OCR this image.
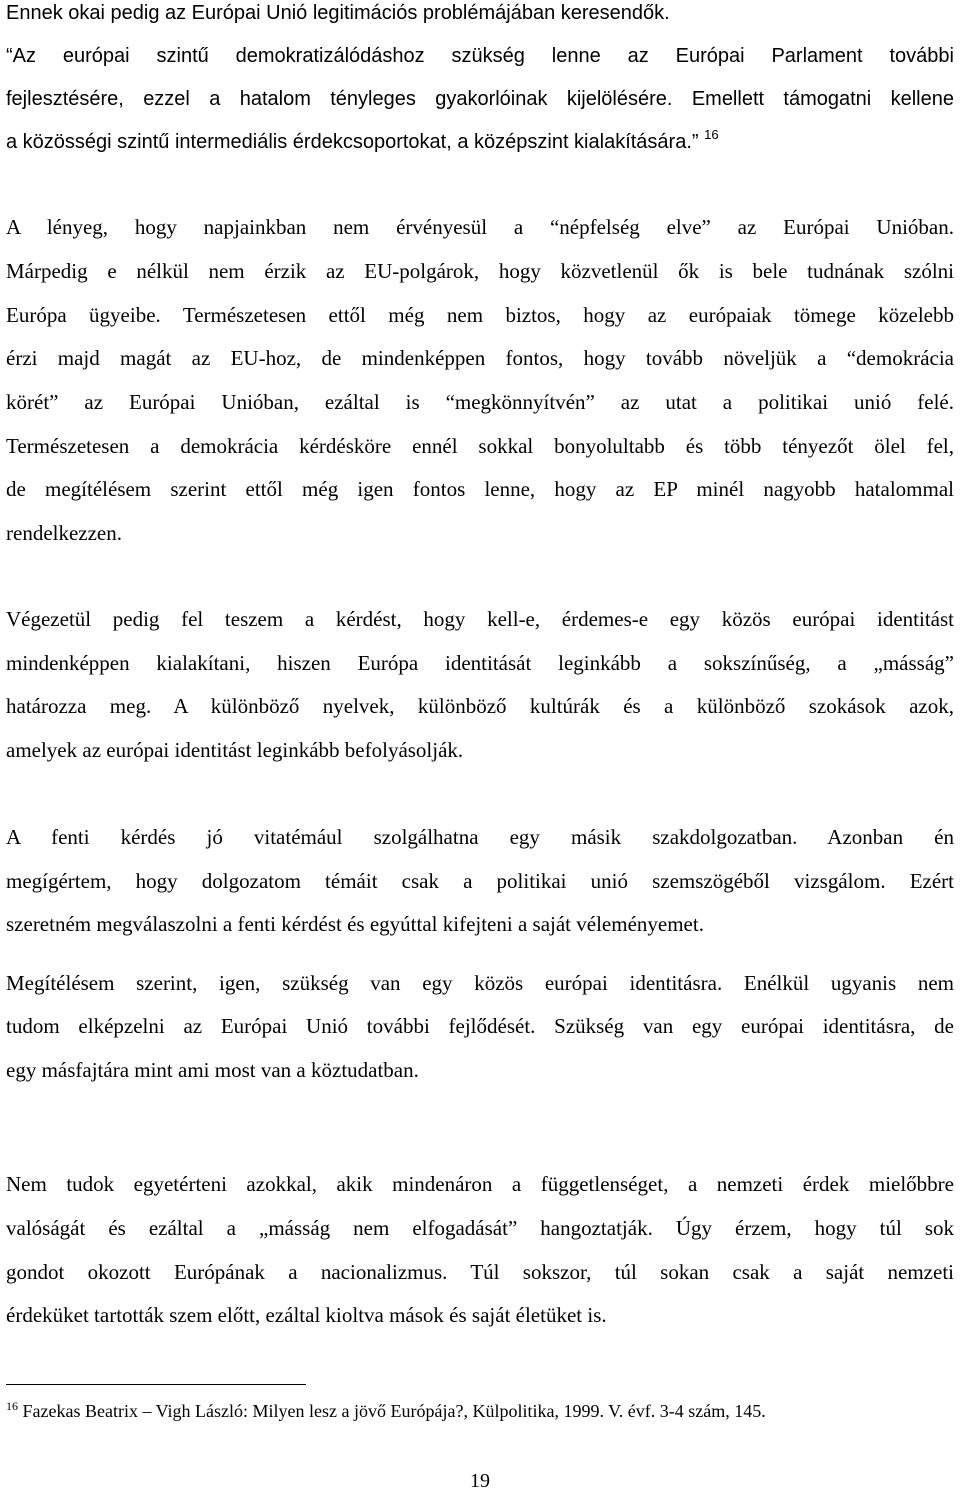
Ennek okai pedig az Európai Unió legitimációs problémájában keresendők.
“Az európai szintű demokratizálódáshoz szükség lenne az Európai Parlament további
fejlesztésére, ezzel a hatalom tényleges gyakorlóinak kijelölésére. Emellett támogatni kellene
a közösségi szintű intermediális érdekcsoportokat, a középszint kialakítására.” $^{16}$
A lényeg, hogy napjainkban nem érvényesül a “népfelség elve” az Európai Unióban.
Márpedig e nélkül nem érzik az EU-polgárok, hogy közvetlenül ők is bele tudnának szólni
Európa ügyeibe. Természetesen ettől még nem biztos, hogy az európaiak tömege közelebb
érzi majd magát az EU-hoz, de mindenképpen fontos, hogy tovább növeljük a “demokrácia
körét” az Európai Unióban, ezáltal is “megkönnyítvén” az utat a politikai unió felé.
Természetesen a demokrácia kérdésköre ennél sokkal bonyolultabb és több tényezőt ölel fel,
de megítélésem szerint ettől még igen fontos lenne, hogy az EP minél nagyobb hatalommal
rendelkezzen.
Végezetül pedig fel teszem a kérdést, hogy kell-e, érdemes-e egy közös európai identitást
mindenképpen kialakítani, hiszen Európa identitását leginkább a sokszínűség, a „másság”
határozza meg. A különböző nyelvek, különböző kultúrák és a különböző szokások azok,
amelyek az európai identitást leginkább befolyásolják.
A fenti kérdés jó vitatémául szolgálhatna egy másik szakdolgozatban. Azonban én
megígértem, hogy dolgozatom témáit csak a politikai unió szemszögéből vizsgálom. Ezért
szeretném megválaszolni a fenti kérdést és egyúttal kifejteni a saját véleményemet.
Megítélésem szerint, igen, szükség van egy közös európai identitásra. Enélkül ugyanis nem
tudom elképzelni az Európai Unió további fejlődését. Szükség van egy európai identitásra, de
egy másfajtára mint ami most van a köztudatban.
Nem tudok egyetérteni azokkal, akik mindenáron a függetlenséget, a nemzeti érdek mielőbbre
valóságát és ezáltal a „másság nem elfogadását” hangoztatják. Úgy érzem, hogy túl sok
gondot okozott Európának a nacionalizmus. Túl sokszor, túl sokan csak a saját nemzeti
érdeküket tartották szem előtt, ezáltal kioltva mások és saját életüket is.
$^{16}$ Fazekas Beatrix – Vigh László: Milyen lesz a jövő Európája?, Külpolitika, 1999. V. évf. 3-4 szám, 145.
19
